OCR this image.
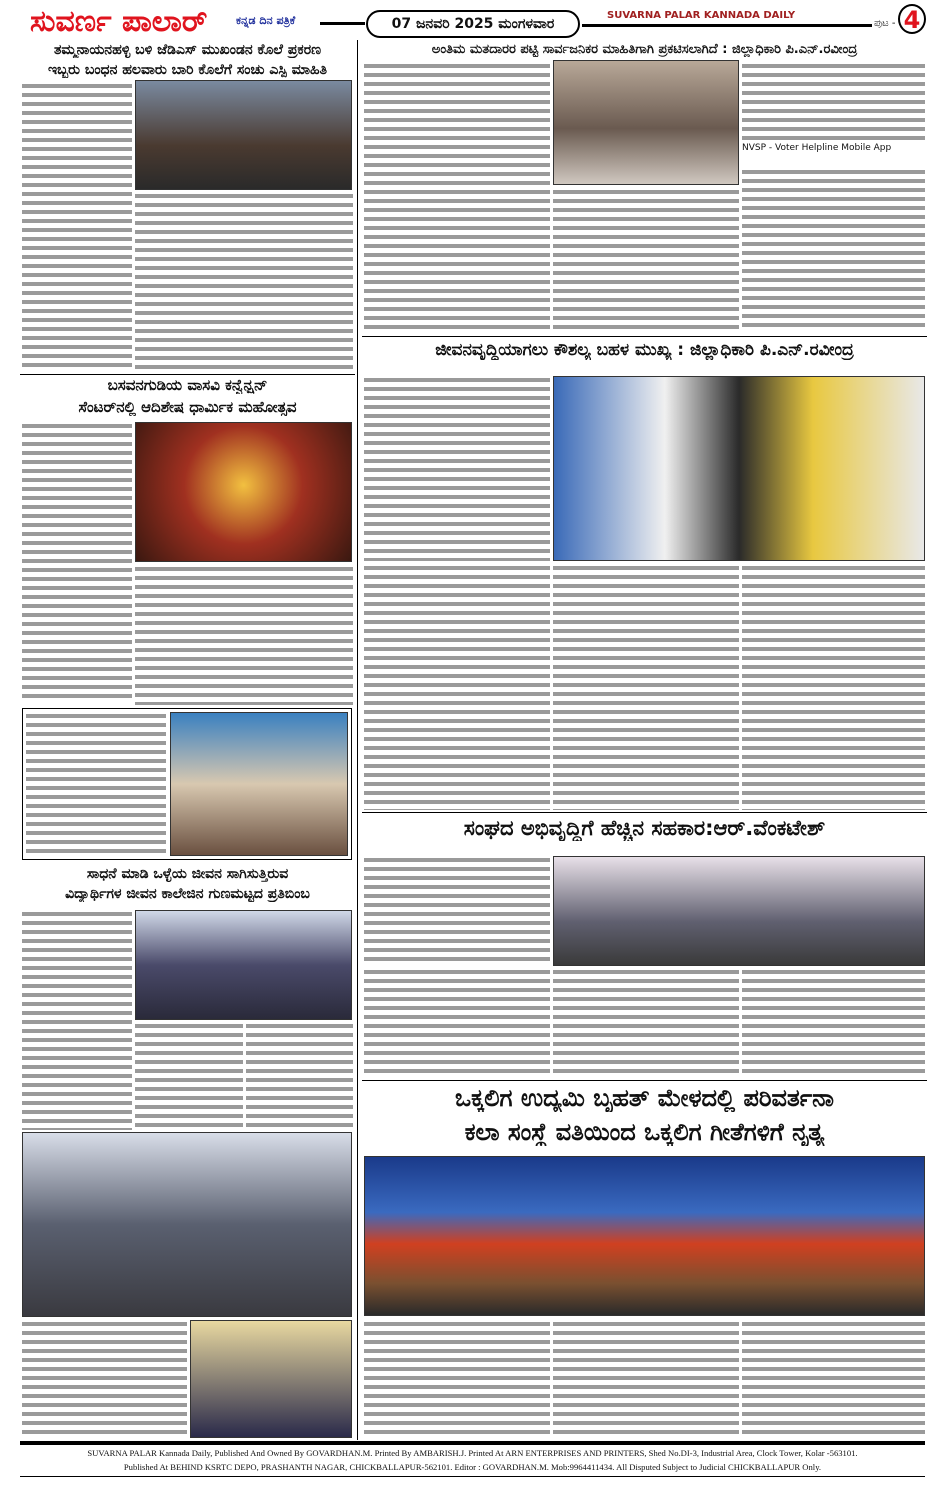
ಸುವರ್ಣ ಪಾಲಾರ್	ಕನ್ನಡ ದಿನ ಪತ್ರಿಕೆ	07 ಜನವರಿ 2025 ಮಂಗಳವಾರ
SUVARNA PALAR KANNADA DAILY
ಪುಟ - 4
ತಮ್ಮನಾಯನಹಳ್ಳಿ ಬಳಿ ಜೆಡಿಎಸ್ ಮುಖಂಡನ ಕೊಲೆ ಪ್ರಕರಣ
ಇಬ್ಬರು ಬಂಧನ ಹಲವಾರು ಬಾರಿ ಕೊಲೆಗೆ ಸಂಚು ಎಸ್ಪಿ ಮಾಹಿತಿ
ಬಸವನಗುಡಿಯ ವಾಸವಿ ಕನ್ವೆನ್ಷನ್
ಸೆಂಟರ್‌ನಲ್ಲಿ ಆದಿಶೇಷ ಧಾರ್ಮಿಕ ಮಹೋತ್ಸವ
ಸಾಧನೆ ಮಾಡಿ ಒಳ್ಳೆಯ ಜೀವನ ಸಾಗಿಸುತ್ತಿರುವ
ವಿದ್ಯಾರ್ಥಿಗಳ ಜೀವನ ಕಾಲೇಜಿನ ಗುಣಮಟ್ಟದ ಪ್ರತಿಬಿಂಬ
ಅಂತಿಮ ಮತದಾರರ ಪಟ್ಟಿ ಸಾರ್ವಜನಿಕರ ಮಾಹಿತಿಗಾಗಿ ಪ್ರಕಟಿಸಲಾಗಿದೆ : ಜಿಲ್ಲಾಧಿಕಾರಿ ಪಿ.ಎನ್.ರವೀಂದ್ರ
NVSP - Voter Helpline Mobile App
ಜೀವನವೃದ್ಧಿಯಾಗಲು ಕೌಶಲ್ಯ ಬಹಳ ಮುಖ್ಯ : ಜಿಲ್ಲಾಧಿಕಾರಿ ಪಿ.ಎನ್.ರವೀಂದ್ರ
ಸಂಘದ ಅಭಿವೃದ್ಧಿಗೆ ಹೆಚ್ಚಿನ ಸಹಕಾರ:ಆರ್.ವೆಂಕಟೇಶ್
ಒಕ್ಕಲಿಗ ಉದ್ಯಮಿ ಬೃಹತ್ ಮೇಳದಲ್ಲಿ ಪರಿವರ್ತನಾ
ಕಲಾ ಸಂಸ್ಥೆ ವತಿಯಿಂದ ಒಕ್ಕಲಿಗ ಗೀತೆಗಳಿಗೆ ನೃತ್ಯ
SUVARNA PALAR Kannada Daily, Published And Owned By GOVARDHAN.M. Printed By AMBARISH.J. Printed At ARN ENTERPRISES AND PRINTERS, Shed No.DI-3, Industrial Area, Clock Tower, Kolar -563101.
Published At BEHIND KSRTC DEPO, PRASHANTH NAGAR, CHICKBALLAPUR-562101. Editor : GOVARDHAN.M. Mob:9964411434. All Disputed Subject to Judicial CHICKBALLAPUR Only.
